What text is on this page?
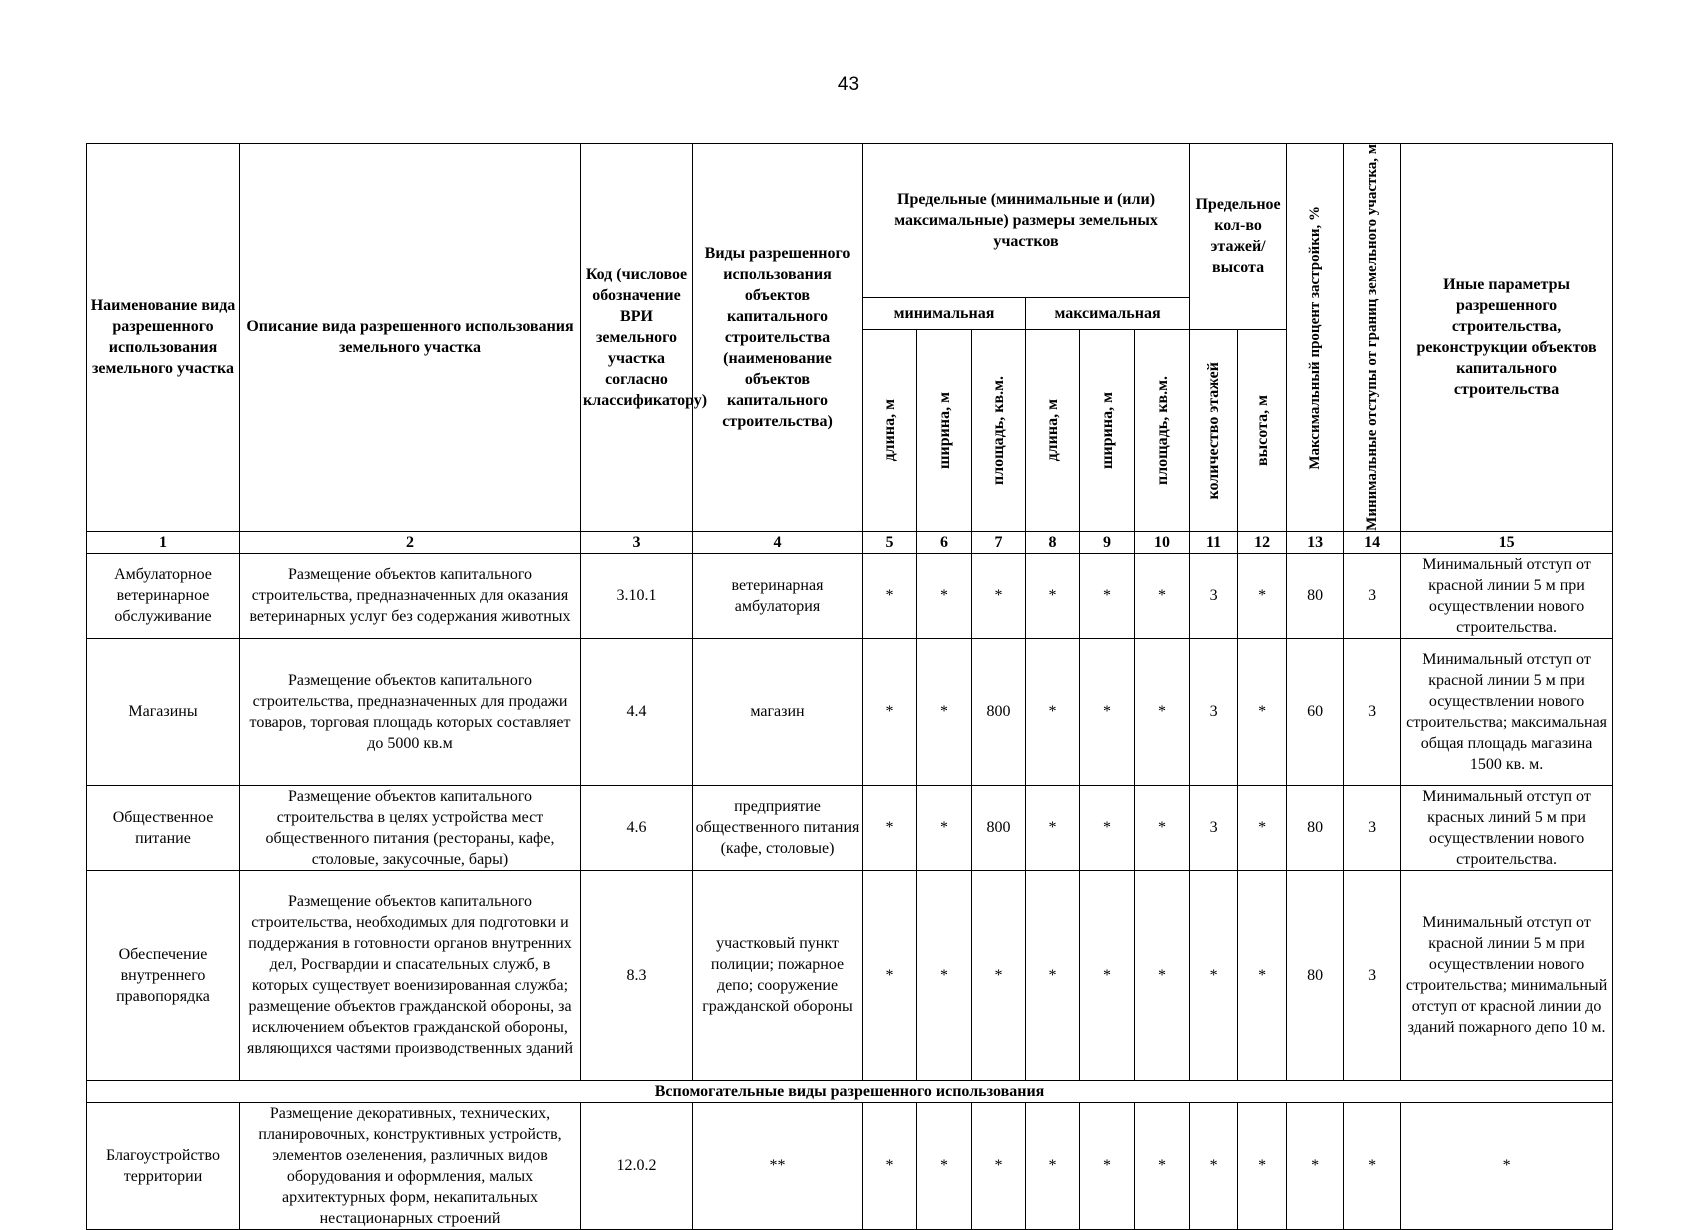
43
Наименование вида разрешенного использования земельного участка	Описание вида разрешенного использования земельного участка	Код (числовое обозначение ВРИ земельного участка согласно классификатору)	Виды разрешенного использования объектов капитального строительства (наименование объектов капитального строительства)	Предельные (минимальные и (или) максимальные) размеры земельных участков						Предельное кол-во этажей/ высота		Максимальный процент застройки, %	Минимальные отступы от границ земельного участка, м	Иные параметры разрешенного строительства, реконструкции объектов капитального строительства
				минимальная			максимальная							

				длина, м	ширина, м	площадь, кв.м.	длина, м	ширина, м	площадь, кв.м.	количество этажей	высота, м			

1	2	3	4	5	6	7	8	9	10	11	12	13	14	15
Амбулаторное ветеринарное обслуживание	Размещение объектов капитального строительства, предназначенных для оказания ветеринарных услуг без содержания животных	3.10.1	ветеринарная амбулатория	*	*	*	*	*	*	3	*	80	3	Минимальный отступ от красной линии 5 м при осуществлении нового строительства.
Магазины	Размещение объектов капитального строительства, предназначенных для продажи товаров, торговая площадь которых составляет до 5000 кв.м	4.4	магазин	*	*	800	*	*	*	3	*	60	3	Минимальный отступ от красной линии 5 м при осуществлении нового строительства; максимальная общая площадь магазина 1500 кв. м.
Общественное питание	Размещение объектов капитального строительства в целях устройства мест общественного питания (рестораны, кафе, столовые, закусочные, бары)	4.6	предприятие общественного питания (кафе, столовые)	*	*	800	*	*	*	3	*	80	3	Минимальный отступ от красных линий 5 м при осуществлении нового строительства.
Обеспечение внутреннего правопорядка	Размещение объектов капитального строительства, необходимых для подготовки и поддержания в готовности органов внутренних дел, Росгвардии и спасательных служб, в которых существует военизированная служба; размещение объектов гражданской обороны, за исключением объектов гражданской обороны, являющихся частями производственных зданий	8.3	участковый пункт полиции; пожарное депо; сооружение гражданской обороны	*	*	*	*	*	*	*	*	80	3	Минимальный отступ от красной линии 5 м при осуществлении нового строительства; минимальный отступ от красной линии до зданий пожарного депо 10 м.
Вспомогательные виды разрешенного использования														
Благоустройство территории	Размещение декоративных, технических, планировочных, конструктивных устройств, элементов озеленения, различных видов оборудования и оформления, малых архитектурных форм, некапитальных нестационарных строений	12.0.2	**	*	*	*	*	*	*	*	*	*	*	*
